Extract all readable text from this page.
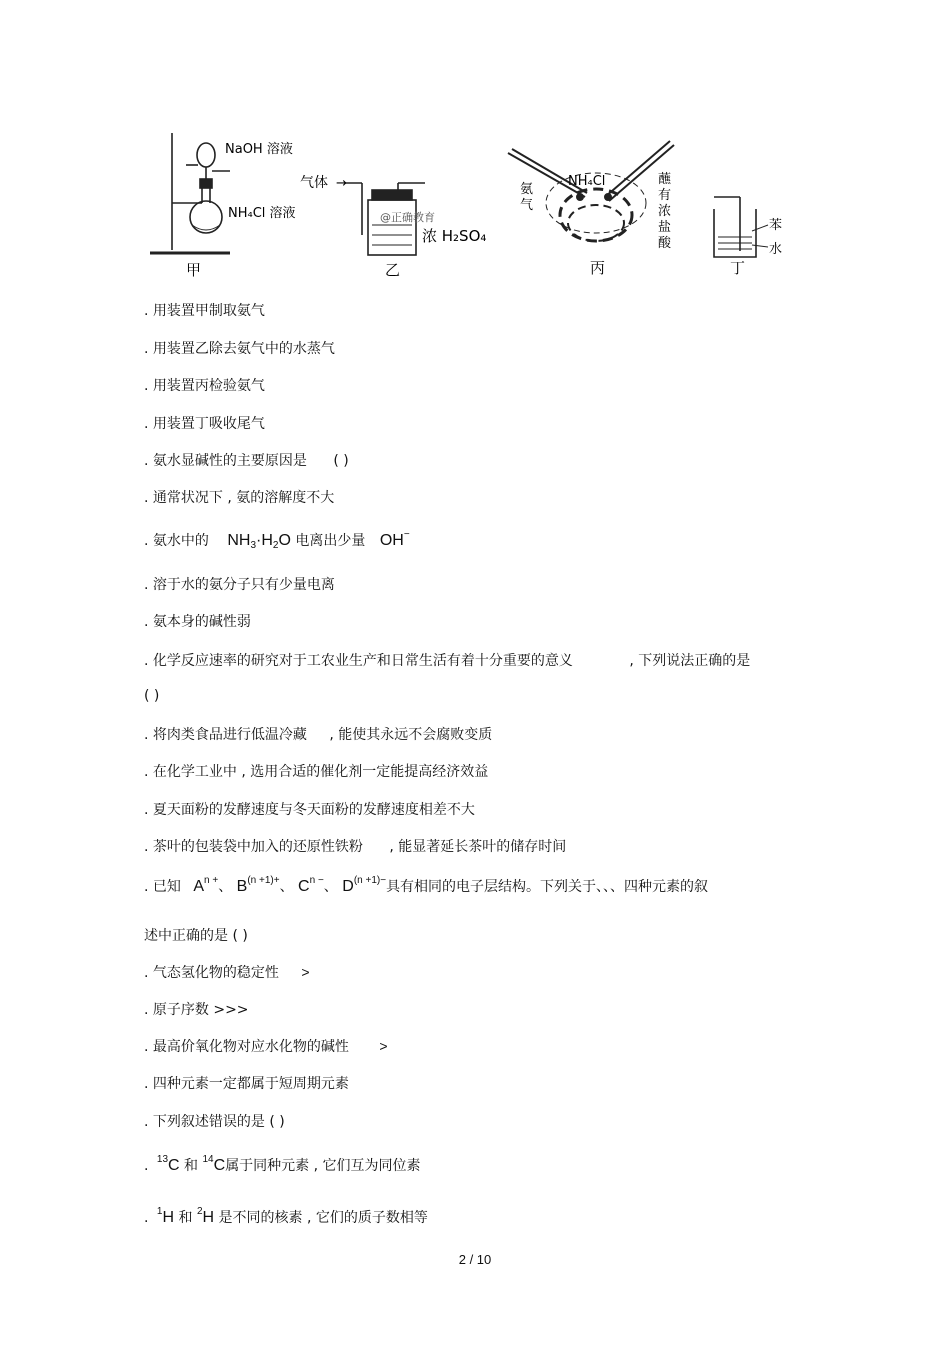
NaOH 溶液
NH₄Cl 溶液
甲
气体 →
@正确教育
浓 H₂SO₄
乙
NH₄Cl
氨
气
蘸
有
浓
盐
酸
丙
苯
水
丁
. 用装置甲制取氨气
. 用装置乙除去氨气中的水蒸气
. 用装置丙检验氨气
. 用装置丁吸收尾气
. 氨水显碱性的主要原因是 ( )
. 通常状况下 , 氨的溶解度不大
. 氨水中的 NH3·H2O 电离出少量 OH−
. 溶于水的氨分子只有少量电离
. 氨本身的碱性弱
. 化学反应速率的研究对于工农业生产和日常生活有着十分重要的意义	, 下列说法正确的是
( )
. 将肉类食品进行低温冷藏 , 能使其永远不会腐败变质
. 在化学工业中 , 选用合适的催化剂一定能提高经济效益
. 夏天面粉的发酵速度与冬天面粉的发酵速度相差不大
. 茶叶的包装袋中加入的还原性铁粉 , 能显著延长茶叶的储存时间
. 已知 $A^{n +}$、 $B^{(n +1)+}$、 $C^{n -}$、 $D^{(n +1)-}$具有相同的电子层结构。下列关于、、、四种元素的叙
述中正确的是 ( )
. 气态氢化物的稳定性 >
. 原子序数 >>>
. 最高价氧化物对应水化物的碱性 >
. 四种元素一定都属于短周期元素
. 下列叙述错误的是 ( )
. $^{13}$C 和 $^{14}$C属于同种元素 , 它们互为同位素
. $^1$H 和 $^2$H 是不同的核素 , 它们的质子数相等
2 / 10
